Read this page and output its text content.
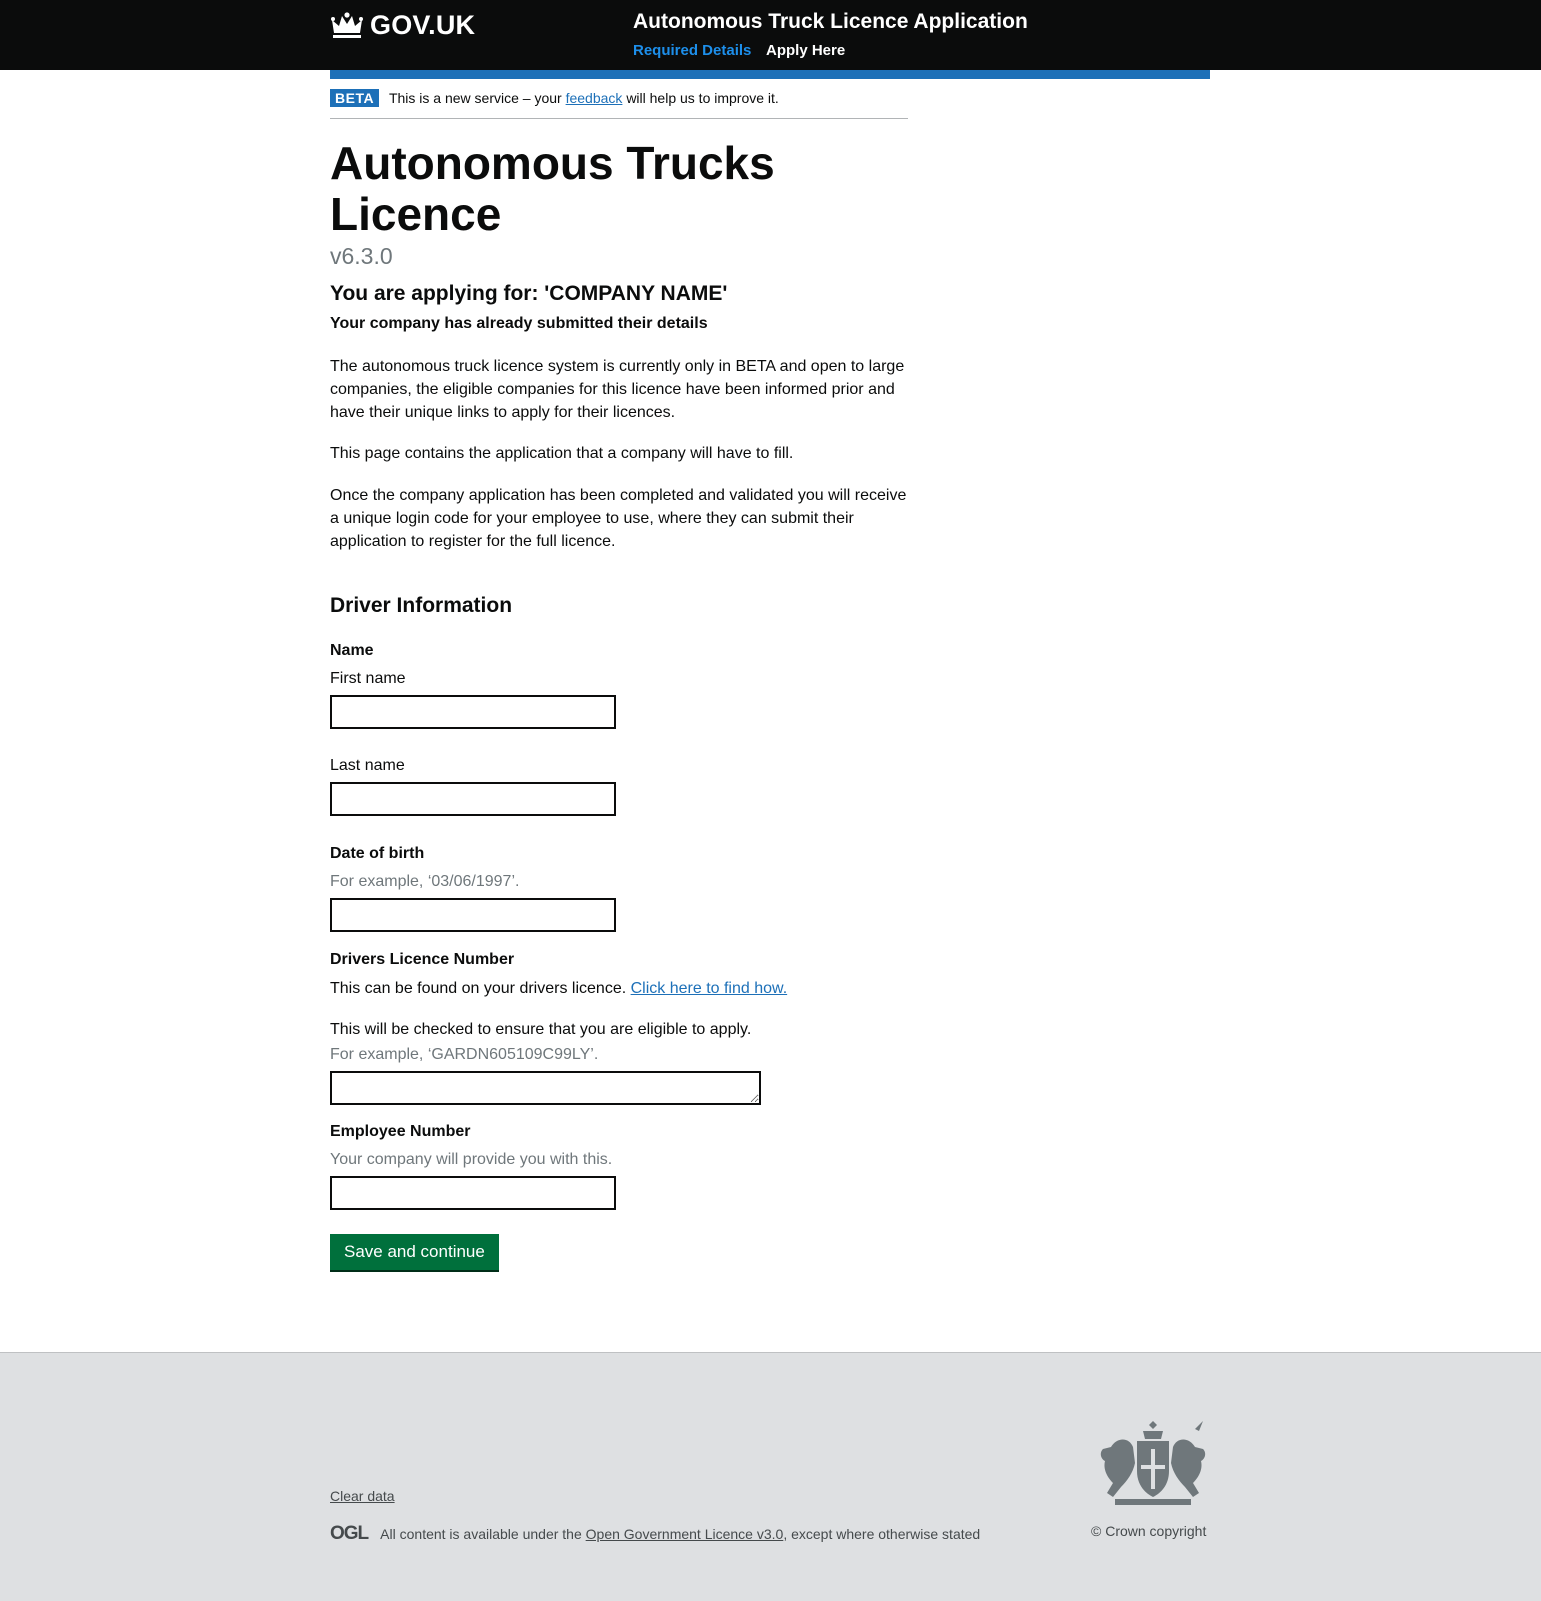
GOV.UK	Autonomous Truck Licence Application
Required Details Apply Here
BETA This is a new service – your feedback will help us to improve it.
Autonomous Trucks Licence
v6.3.0
You are applying for: 'COMPANY NAME'
Your company has already submitted their details

The autonomous truck licence system is currently only in BETA and open to large companies, the eligible companies for this licence have been informed prior and have their unique links to apply for their licences.

This page contains the application that a company will have to fill.

Once the company application has been completed and validated you will receive a unique login code for your employee to use, where they can submit their application to register for the full licence.

Driver Information
Name
First name
Last name
Date of birth
For example, ‘03/06/1997’.
Drivers Licence Number
This can be found on your drivers licence. Click here to find how.
This will be checked to ensure that you are eligible to apply.
For example, ‘GARDN605109C99LY’.
Employee Number
Your company will provide you with this.
Save and continue
Clear data
OGL All content is available under the
Open Government Licence v3.0 , except where otherwise stated	© Crown copyright
